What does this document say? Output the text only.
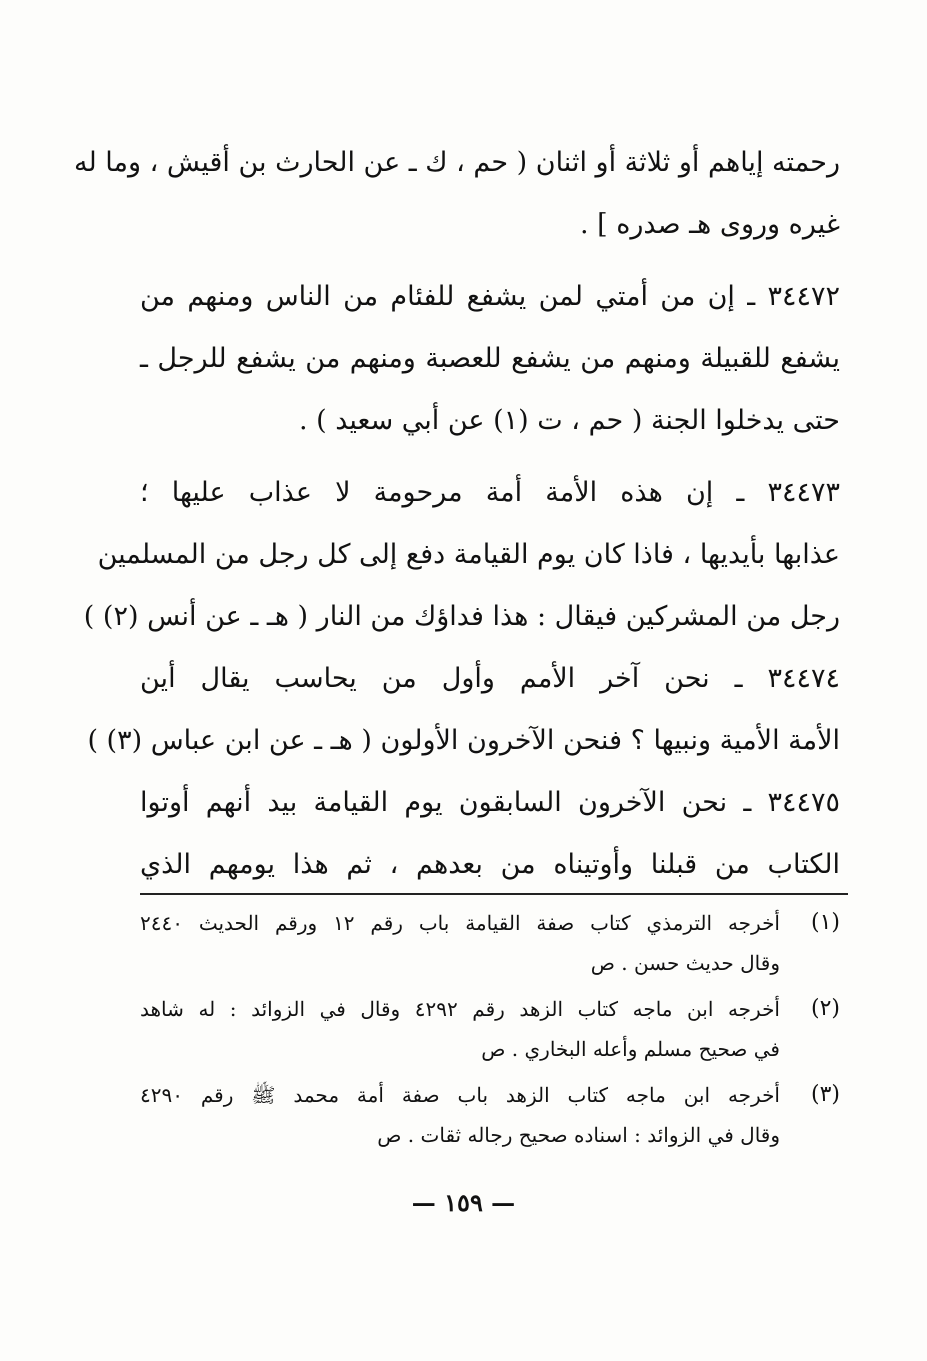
رحمته إياهم أو ثلاثة أو اثنان ( حم ، ك ـ عن الحارث بن أقيش ، وما له
غيره وروى هـ صدره ] .
٣٤٤٧٢ ـ إن من أمتي لمن يشفع للفئام من الناس ومنهم من
يشفع للقبيلة ومنهم من يشفع للعصبة ومنهم من يشفع للرجل ـ
حتى يدخلوا الجنة ( حم ، ت (١) عن أبي سعيد ) .
٣٤٤٧٣ ـ إن هذه الأمة أمة مرحومة لا عذاب عليها ؛
عذابها بأيديها ، فاذا كان يوم القيامة دفع إلى كل رجل من المسلمين
رجل من المشركين فيقال : هذا فداؤك من النار ( هـ ـ عن أنس (٢) )
٣٤٤٧٤ ـ نحن آخر الأمم وأول من يحاسب يقال أين
الأمة الأمية ونبيها ؟ فنحن الآخرون الأولون ( هـ ـ عن ابن عباس (٣) )
٣٤٤٧٥ ـ نحن الآخرون السابقون يوم القيامة بيد أنهم أوتوا
الكتاب من قبلنا وأوتيناه من بعدهم ، ثم هذا يومهم الذي
(١)
أخرجه الترمذي كتاب صفة القيامة باب رقم ١٢ ورقم الحديث ٢٤٤٠
وقال حديث حسن . ص
(٢)
أخرجه ابن ماجه كتاب الزهد رقم ٤٢٩٢ وقال في الزوائد : له شاهد
في صحيح مسلم وأعله البخاري . ص
(٣)
أخرجه ابن ماجه كتاب الزهد باب صفة أمة محمد ﷺ رقم ٤٢٩٠
وقال في الزوائد : اسناده صحيح رجاله ثقات . ص
— ١٥٩ —
